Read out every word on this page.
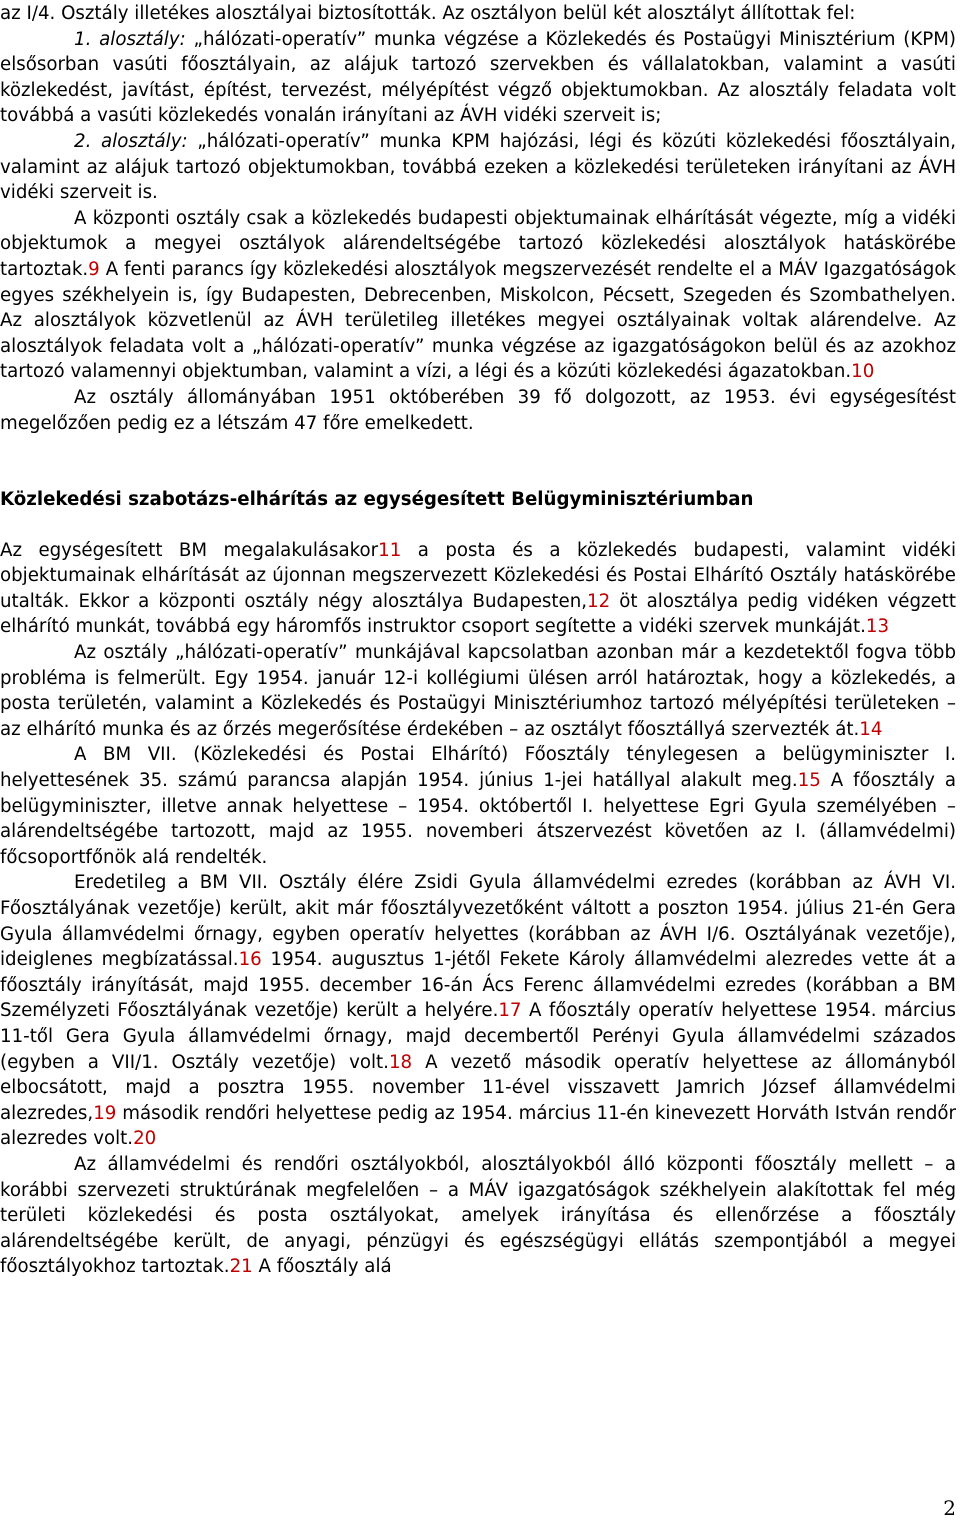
az I/4. Osztály illetékes alosztályai biztosították. Az osztályon belül két alosztályt állítottak fel:

1. alosztály: „hálózati-operatív” munka végzése a Közlekedés és Postaügyi Minisztérium (KPM) elsősorban vasúti főosztályain, az alájuk tartozó szervekben és vállalatokban, valamint a vasúti közlekedést, javítást, építést, tervezést, mélyépítést végző objektumokban. Az alosztály feladata volt továbbá a vasúti közlekedés vonalán irányítani az ÁVH vidéki szerveit is;

2. alosztály: „hálózati-operatív” munka KPM hajózási, légi és közúti közlekedési főosztályain, valamint az alájuk tartozó objektumokban, továbbá ezeken a közlekedési területeken irányítani az ÁVH vidéki szerveit is.

A központi osztály csak a közlekedés budapesti objektumainak elhárítását végezte, míg a vidéki objektumok a megyei osztályok alárendeltségébe tartozó közlekedési alosztályok hatáskörébe tartoztak.9 A fenti parancs így közlekedési alosztályok megszervezését rendelte el a MÁV Igazgatóságok egyes székhelyein is, így Budapesten, Debrecenben, Miskolcon, Pécsett, Szegeden és Szombathelyen. Az alosztályok közvetlenül az ÁVH területileg illetékes megyei osztályainak voltak alárendelve. Az alosztályok feladata volt a „hálózati-operatív” munka végzése az igazgatóságokon belül és az azokhoz tartozó valamennyi objektumban, valamint a vízi, a légi és a közúti közlekedési ágazatokban.10

Az osztály állományában 1951 októberében 39 fő dolgozott, az 1953. évi egységesítést megelőzően pedig ez a létszám 47 főre emelkedett.

Közlekedési szabotázs-elhárítás az egységesített Belügyminisztériumban

Az egységesített BM megalakulásakor11 a posta és a közlekedés budapesti, valamint vidéki objektumainak elhárítását az újonnan megszervezett Közlekedési és Postai Elhárító Osztály hatáskörébe utalták. Ekkor a központi osztály négy alosztálya Budapesten,12 öt alosztálya pedig vidéken végzett elhárító munkát, továbbá egy háromfős instruktor csoport segítette a vidéki szervek munkáját.13

Az osztály „hálózati-operatív” munkájával kapcsolatban azonban már a kezdetektől fogva több probléma is felmerült. Egy 1954. január 12-i kollégiumi ülésen arról határoztak, hogy a közlekedés, a posta területén, valamint a Közlekedés és Postaügyi Minisztériumhoz tartozó mélyépítési területeken – az elhárító munka és az őrzés megerősítése érdekében – az osztályt főosztállyá szervezték át.14

A BM VII. (Közlekedési és Postai Elhárító) Főosztály ténylegesen a belügyminiszter I. helyettesének 35. számú parancsa alapján 1954. június 1-jei hatállyal alakult meg.15 A főosztály a belügyminiszter, illetve annak helyettese – 1954. októbertől I. helyettese Egri Gyula személyében – alárendeltségébe tartozott, majd az 1955. novemberi átszervezést követően az I. (államvédelmi) főcsoportfőnök alá rendelték.

Eredetileg a BM VII. Osztály élére Zsidi Gyula államvédelmi ezredes (korábban az ÁVH VI. Főosztályának vezetője) került, akit már főosztályvezetőként váltott a poszton 1954. július 21-én Gera Gyula államvédelmi őrnagy, egyben operatív helyettes (korábban az ÁVH I/6. Osztályának vezetője), ideiglenes megbízatással.16 1954. augusztus 1-jétől Fekete Károly államvédelmi alezredes vette át a főosztály irányítását, majd 1955. december 16-án Ács Ferenc államvédelmi ezredes (korábban a BM Személyzeti Főosztályának vezetője) került a helyére.17 A főosztály operatív helyettese 1954. március 11-től Gera Gyula államvédelmi őrnagy, majd decembertől Perényi Gyula államvédelmi százados (egyben a VII/1. Osztály vezetője) volt.18 A vezető második operatív helyettese az állományból elbocsátott, majd a posztra 1955. november 11-ével visszavett Jamrich József államvédelmi alezredes,19 második rendőri helyettese pedig az 1954. március 11-én kinevezett Horváth István rendőr alezredes volt.20

Az államvédelmi és rendőri osztályokból, alosztályokból álló központi főosztály mellett – a korábbi szervezeti struktúrának megfelelően – a MÁV igazgatóságok székhelyein alakítottak fel még területi közlekedési és posta osztályokat, amelyek irányítása és ellenőrzése a főosztály alárendeltségébe került, de anyagi, pénzügyi és egészségügyi ellátás szempontjából a megyei főosztályokhoz tartoztak.21 A főosztály alá

2
